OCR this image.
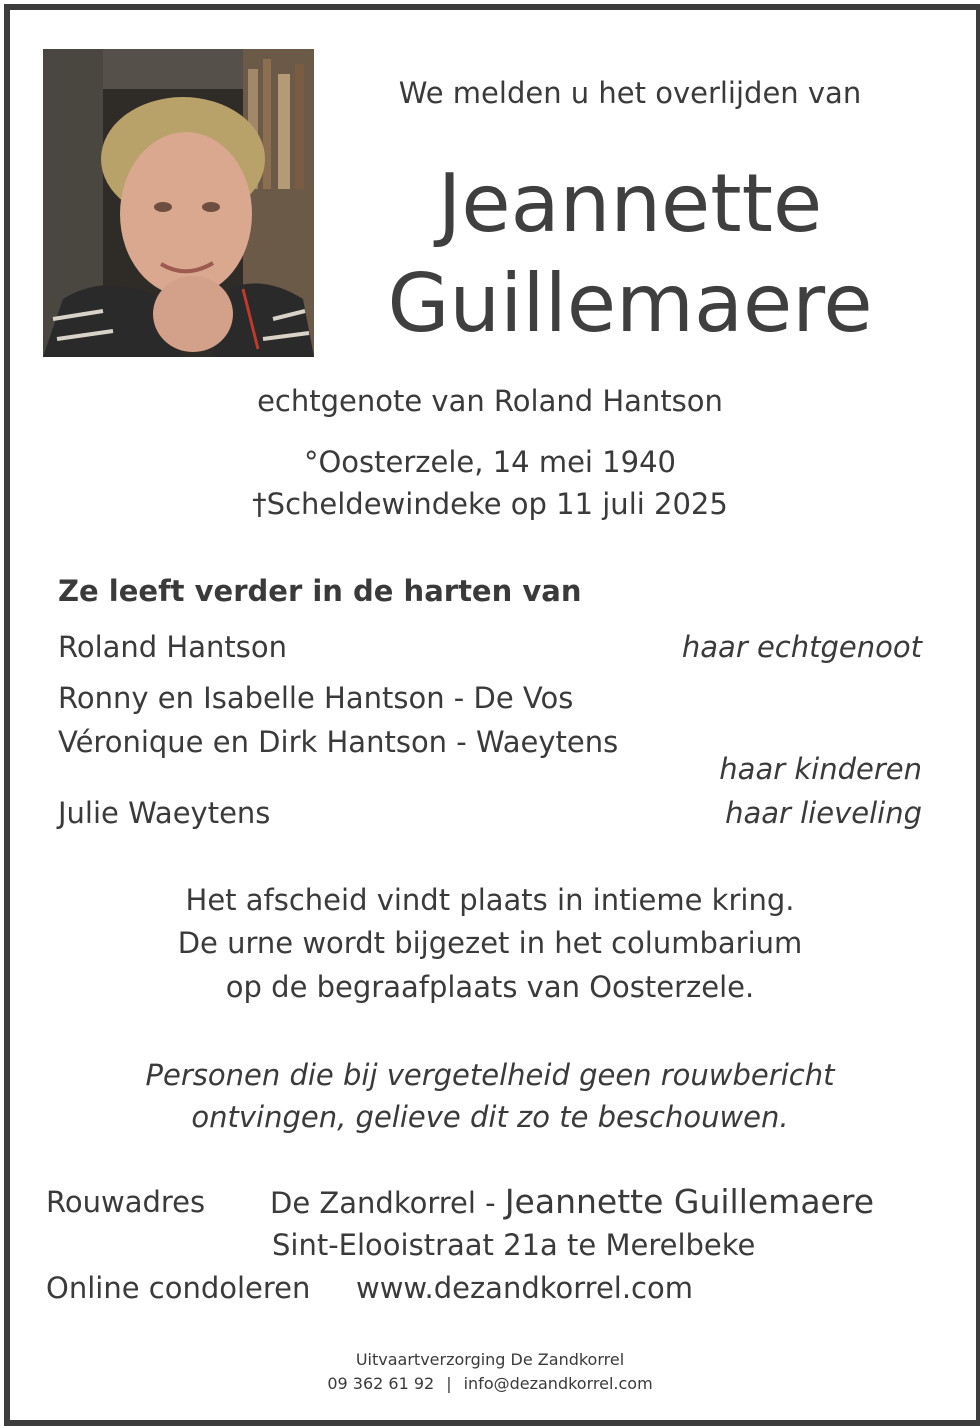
We melden u het overlijden van
Jeannette
Guillemaere
echtgenote van Roland Hantson
°Oosterzele, 14 mei 1940
†Scheldewindeke op 11 juli 2025
Ze leeft verder in de harten van
Roland Hantson	haar echtgenoot
Ronny en Isabelle Hantson - De Vos
Véronique en Dirk Hantson - Waeytens
haar kinderen
Julie Waeytens	haar lieveling
Het afscheid vindt plaats in intieme kring.
De urne wordt bijgezet in het columbarium
op de begraafplaats van Oosterzele.
Personen die bij vergetelheid geen rouwbericht
ontvingen, gelieve dit zo te beschouwen.
Rouwadres De Zandkorrel - Jeannette Guillemaere
Sint-Elooistraat 21a te Merelbeke
Online condoleren www.dezandkorrel.com
Uitvaartverzorging De Zandkorrel
09 362 61 92 | info@dezandkorrel.com
